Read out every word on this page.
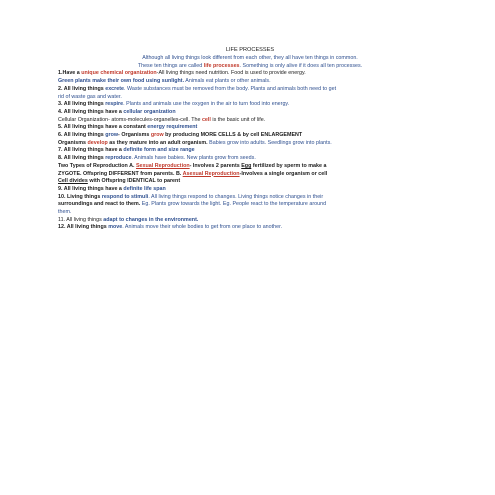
LIFE PROCESSES
Although all living things look different from each other, they all have ten things in common.
These ten things are called life processes. Something is only alive if it does all ten processes.
1.Have a unique chemical organization-All living things need nutrition. Food is used to provide energy.
Green plants make their own food using sunlight. Animals eat plants or other animals.
2. All living things excrete. Waste substances must be removed from the body. Plants and animals both need to get
rid of waste gas and water.
3. All living things respire. Plants and animals use the oxygen in the air to turn food into energy.
4. All living things have a cellular organization
Cellular Organization- atoms-molecules-organelles-cell. The cell is the basic unit of life.
5. All living things have a constant energy requirement
6. All living things grow- Organisms grow by producing MORE CELLS & by cell ENLARGEMENT
Organisms develop as they mature into an adult organism. Babies grow into adults. Seedlings grow into plants.
7. All living things have a definite form and size range
8. All living things reproduce. Animals have babies. New plants grow from seeds.
Two Types of Reproduction A. Sexual Reproduction- Involves 2 parents Egg fertilized by sperm to make a
ZYGOTE. Offspring DIFFERENT from parents. B. Asexual Reproduction-Involves a single organism or cell
Cell divides with Offspring IDENTICAL to parent
9. All living things have a definite life span
10. Living things respond to stimuli. All living things respond to changes. Living things notice changes in their
surroundings and react to them. Eg. Plants grow towards the light. Eg. People react to the temperature around
them.
11. All living things adapt to changes in the environment.
12. All living things move. Animals move their whole bodies to get from one place to another.
